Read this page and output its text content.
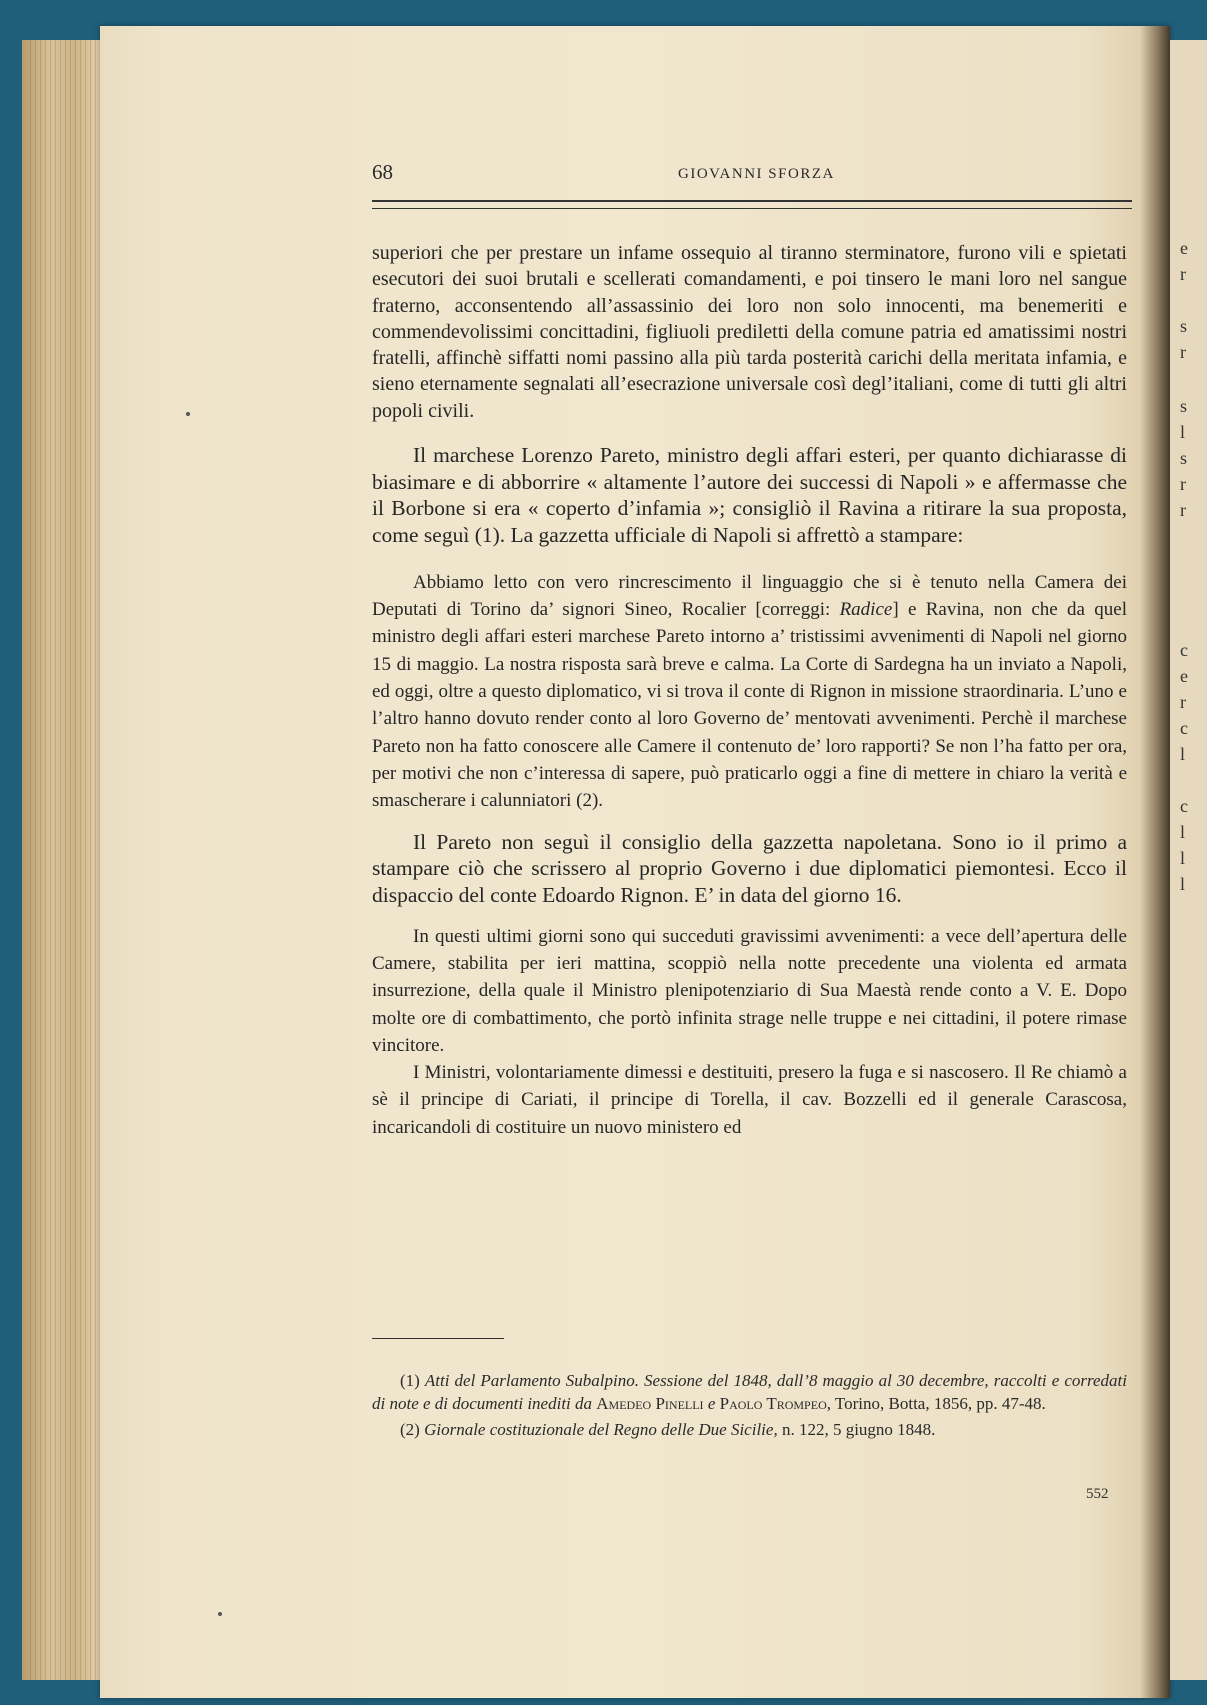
e
r
s
r
s
l
s
r
r
c
e
r
c
l
c
l
l
l
68	GIOVANNI SFORZA

superiori che per prestare un infame ossequio al tiranno sterminatore, furono vili e spietati esecutori dei suoi brutali e scellerati comandamenti, e poi tinsero le mani loro nel sangue fraterno, acconsentendo all’assassinio dei loro non solo innocenti, ma benemeriti e commendevolissimi concittadini, figliuoli prediletti della comune patria ed amatissimi nostri fratelli, affinchè siffatti nomi passino alla più tarda posterità carichi della meritata infamia, e sieno eternamente segnalati all’esecrazione universale così degl’italiani, come di tutti gli altri popoli civili.

Il marchese Lorenzo Pareto, ministro degli affari esteri, per quanto dichiarasse di biasimare e di abborrire « altamente l’autore dei successi di Napoli » e affermasse che il Borbone si era « coperto d’infamia »; consigliò il Ravina a ritirare la sua proposta, come seguì (1). La gazzetta ufficiale di Napoli si affrettò a stampare:

Abbiamo letto con vero rincrescimento il linguaggio che si è tenuto nella Camera dei Deputati di Torino da’ signori Sineo, Rocalier [correggi: Radice] e Ravina, non che da quel ministro degli affari esteri marchese Pareto intorno a’ tristissimi avvenimenti di Napoli nel giorno 15 di maggio. La nostra risposta sarà breve e calma. La Corte di Sardegna ha un inviato a Napoli, ed oggi, oltre a questo diplomatico, vi si trova il conte di Rignon in missione straordinaria. L’uno e l’altro hanno dovuto render conto al loro Governo de’ mentovati avvenimenti. Perchè il marchese Pareto non ha fatto conoscere alle Camere il contenuto de’ loro rapporti? Se non l’ha fatto per ora, per motivi che non c’interessa di sapere, può praticarlo oggi a fine di mettere in chiaro la verità e smascherare i calunniatori (2).

Il Pareto non seguì il consiglio della gazzetta napoletana. Sono io il primo a stampare ciò che scrissero al proprio Governo i due diplomatici piemontesi. Ecco il dispaccio del conte Edoardo Rignon. E’ in data del giorno 16.

In questi ultimi giorni sono qui succeduti gravissimi avvenimenti: a vece dell’apertura delle Camere, stabilita per ieri mattina, scoppiò nella notte precedente una violenta ed armata insurrezione, della quale il Ministro plenipotenziario di Sua Maestà rende conto a V. E. Dopo molte ore di combattimento, che portò infinita strage nelle truppe e nei cittadini, il potere rimase vincitore.

I Ministri, volontariamente dimessi e destituiti, presero la fuga e si nascosero. Il Re chiamò a sè il principe di Cariati, il principe di Torella, il cav. Bozzelli ed il generale Carascosa, incaricandoli di costituire un nuovo ministero ed

(1) Atti del Parlamento Subalpino. Sessione del 1848, dall’8 maggio al 30 decembre, raccolti e corredati di note e di documenti inediti da Amedeo Pinelli e Paolo Trompeo, Torino, Botta, 1856, pp. 47-48.

(2) Giornale costituzionale del Regno delle Due Sicilie, n. 122, 5 giugno 1848.

552
